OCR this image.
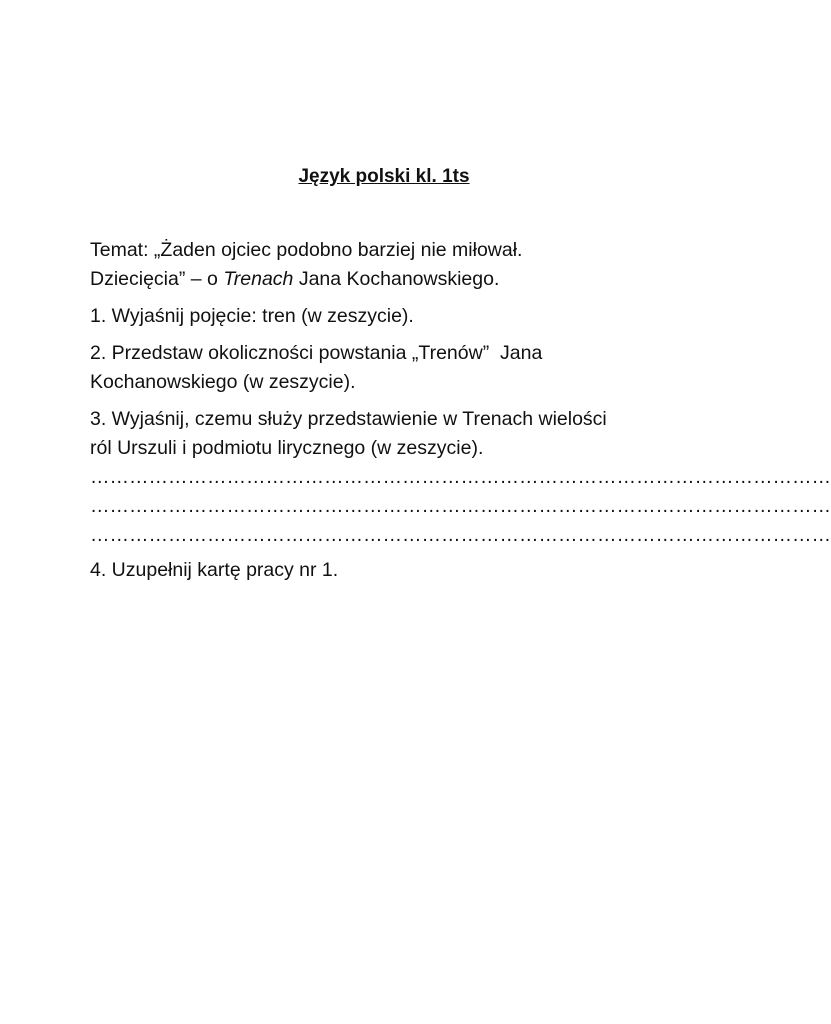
Język polski kl. 1ts

Temat: „Żaden ojciec podobno barziej nie miłował.
Dziecięcia” – o Trenach Jana Kochanowskiego.

1. Wyjaśnij pojęcie: tren (w zeszycie).

2. Przedstaw okoliczności powstania „Trenów”  Jana
Kochanowskiego (w zeszycie).

3. Wyjaśnij, czemu służy przedstawienie w Trenach wielości
ról Urszuli i podmiotu lirycznego (w zeszycie).

……………………………………………………………………………………………………
……………………………………………………………………………………………………
……………………………………………………………………………………………………

4. Uzupełnij kartę pracy nr 1.
